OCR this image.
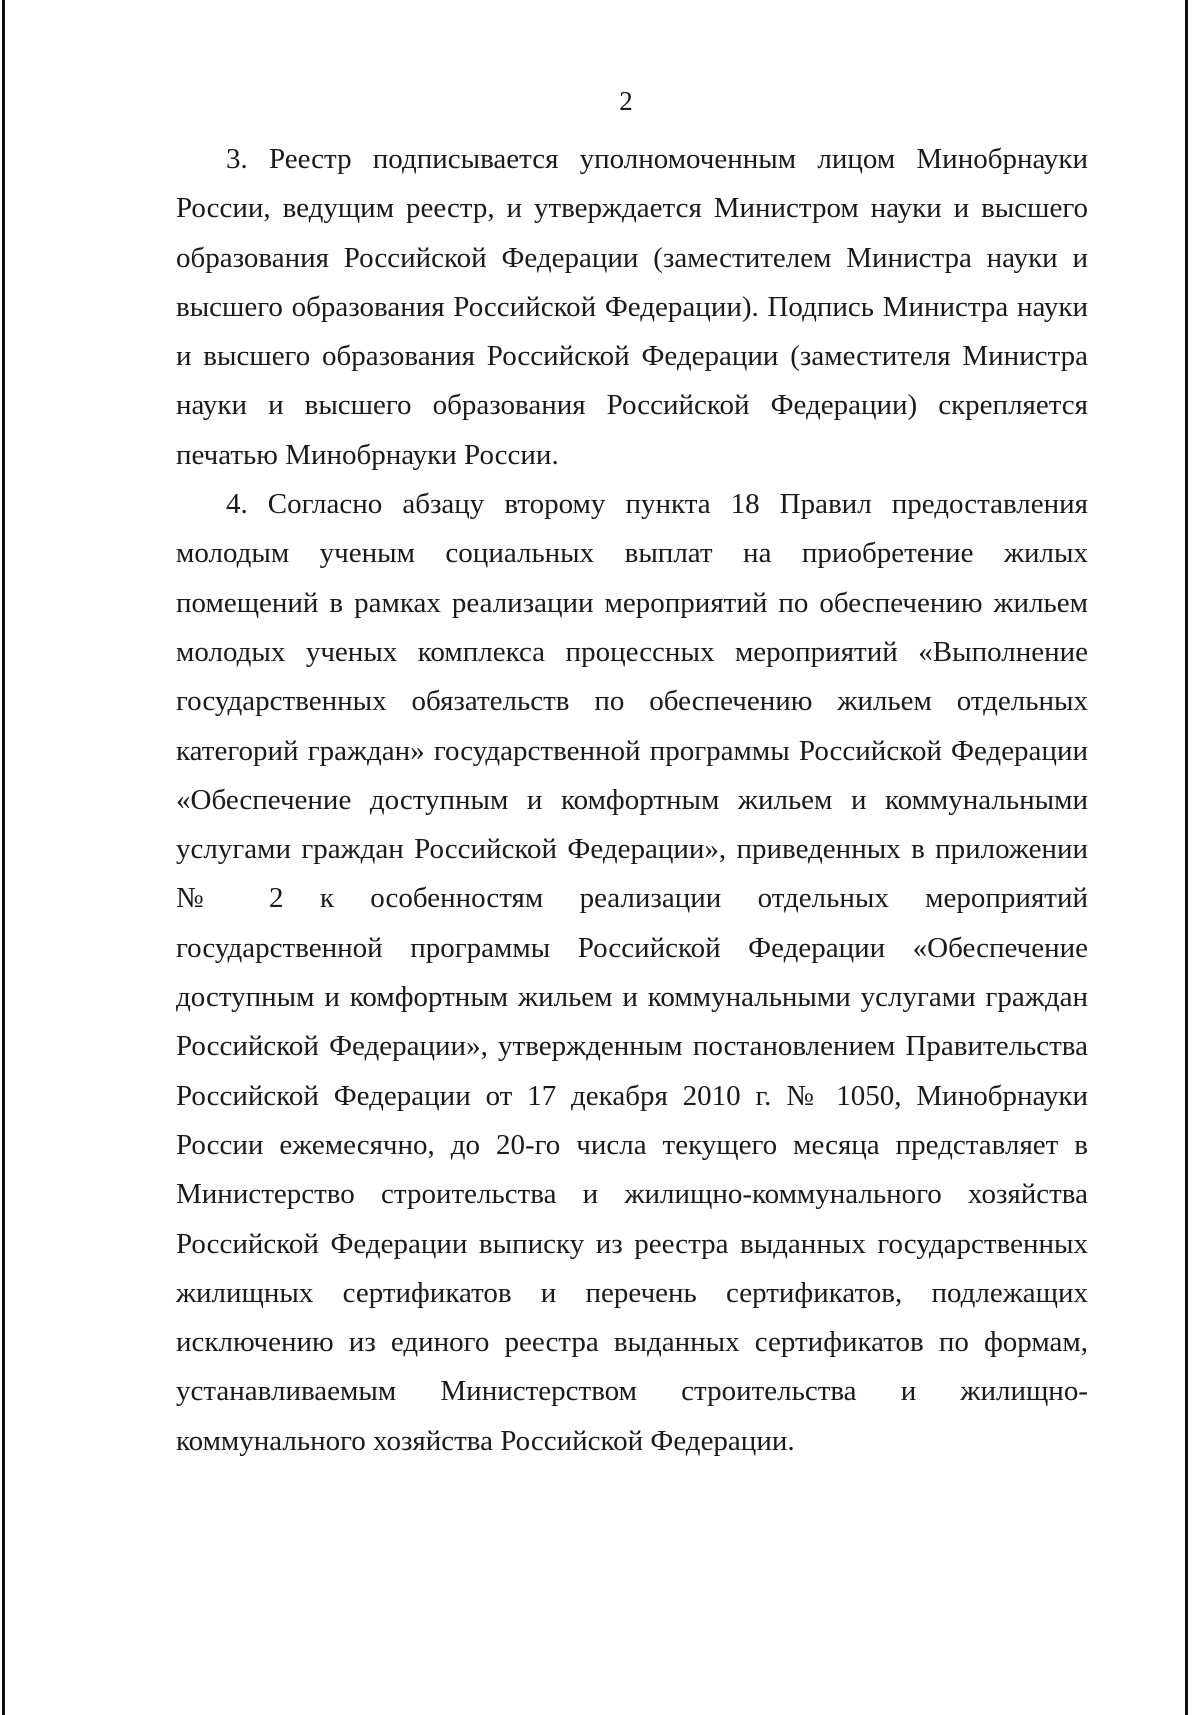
2

3. Реестр подписывается уполномоченным лицом Минобрнауки России, ведущим реестр, и утверждается Министром науки и высшего образования Российской Федерации (заместителем Министра науки и высшего образования Российской Федерации). Подпись Министра науки и высшего образования Российской Федерации (заместителя Министра науки и высшего образования Российской Федерации) скрепляется печатью Минобрнауки России.

4. Согласно абзацу второму пункта 18 Правил предоставления молодым ученым социальных выплат на приобретение жилых помещений в рамках реализации мероприятий по обеспечению жильем молодых ученых комплекса процессных мероприятий «Выполнение государственных обязательств по обеспечению жильем отдельных категорий граждан» государственной программы Российской Федерации «Обеспечение доступным и комфортным жильем и коммунальными услугами граждан Российской Федерации», приведенных в приложении № 2 к особенностям реализации отдельных мероприятий государственной программы Российской Федерации «Обеспечение доступным и комфортным жильем и коммунальными услугами граждан Российской Федерации», утвержденным постановлением Правительства Российской Федерации от 17 декабря 2010 г. № 1050, Минобрнауки России ежемесячно, до 20-го числа текущего месяца представляет в Министерство строительства и жилищно-коммунального хозяйства Российской Федерации выписку из реестра выданных государственных жилищных сертификатов и перечень сертификатов, подлежащих исключению из единого реестра выданных сертификатов по формам, устанавливаемым Министерством строительства и жилищно-коммунального хозяйства Российской Федерации.
